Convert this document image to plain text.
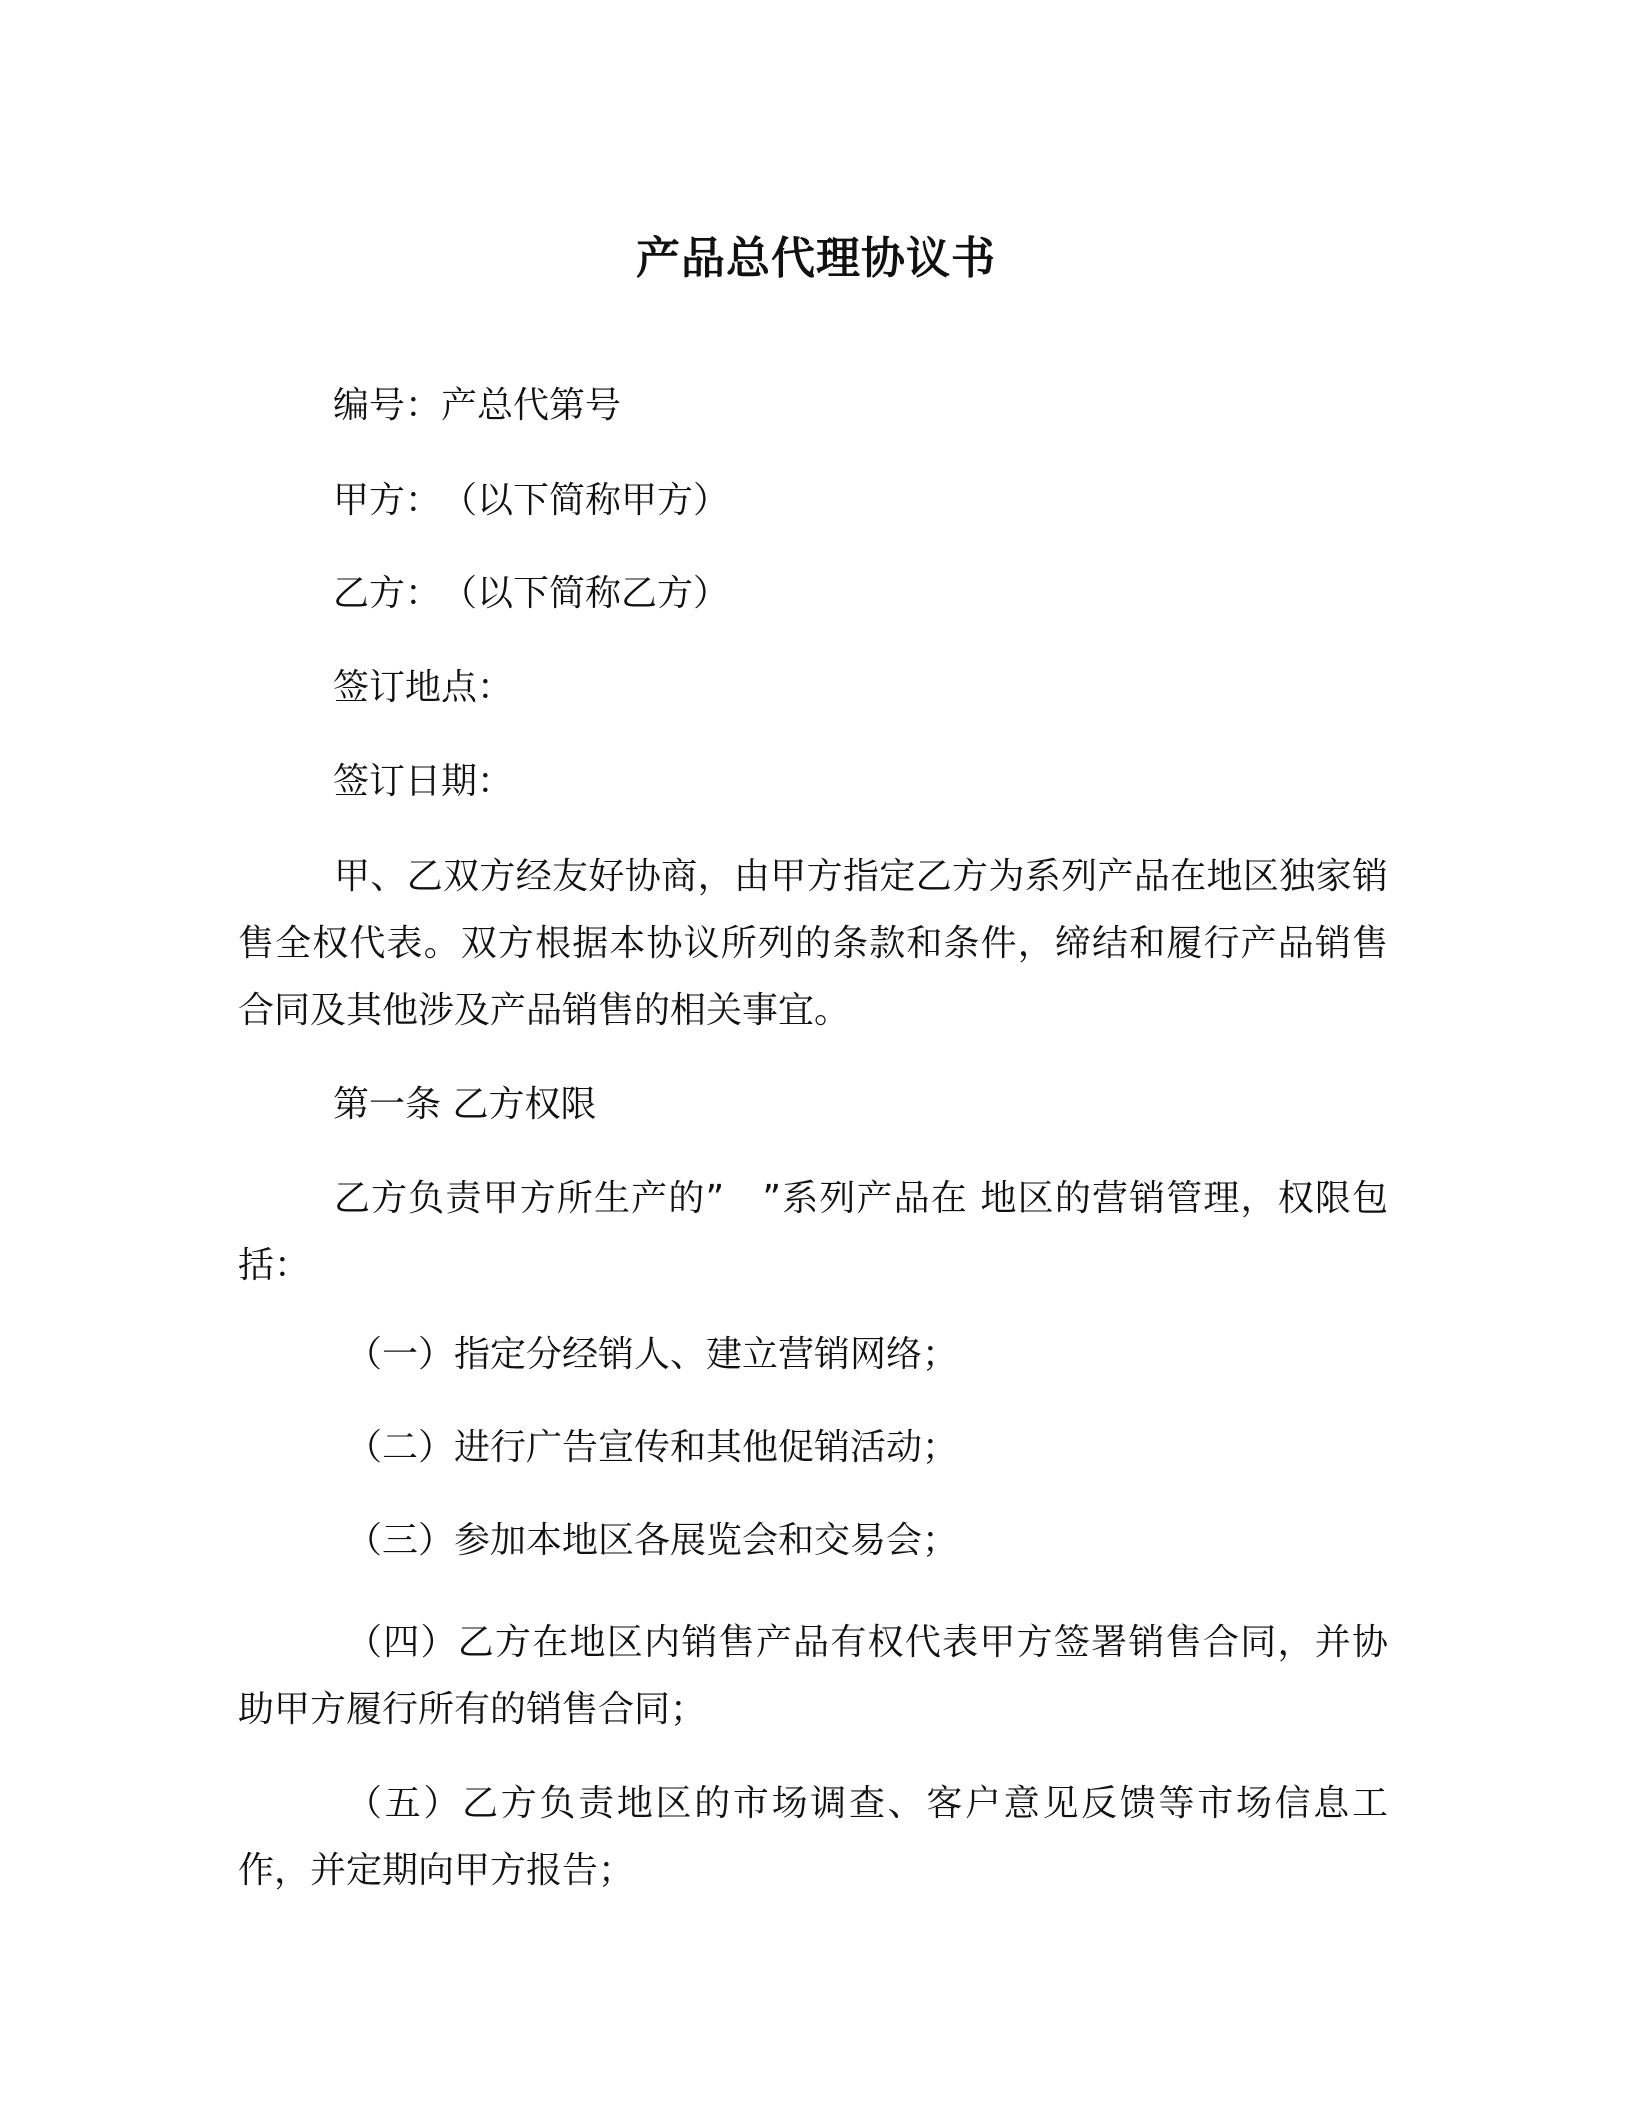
产品总代理协议书
编号：产总代第号
甲方：　（以下简称甲方）
乙方：　（以下简称乙方）
签订地点：
签订日期：
甲、乙双方经友好协商，由甲方指定乙方为系列产品在地区独家销售全权代表。双方根据本协议所列的条款和条件，缔结和履行产品销售合同及其他涉及产品销售的相关事宜。
第一条 乙方权限
乙方负责甲方所生产的”　”系列产品在 地区的营销管理，权限包括：
（一）指定分经销人、建立营销网络；
（二）进行广告宣传和其他促销活动；
（三）参加本地区各展览会和交易会；
（四）乙方在地区内销售产品有权代表甲方签署销售合同，并协助甲方履行所有的销售合同；
（五）乙方负责地区的市场调查、客户意见反馈等市场信息工作，并定期向甲方报告；
